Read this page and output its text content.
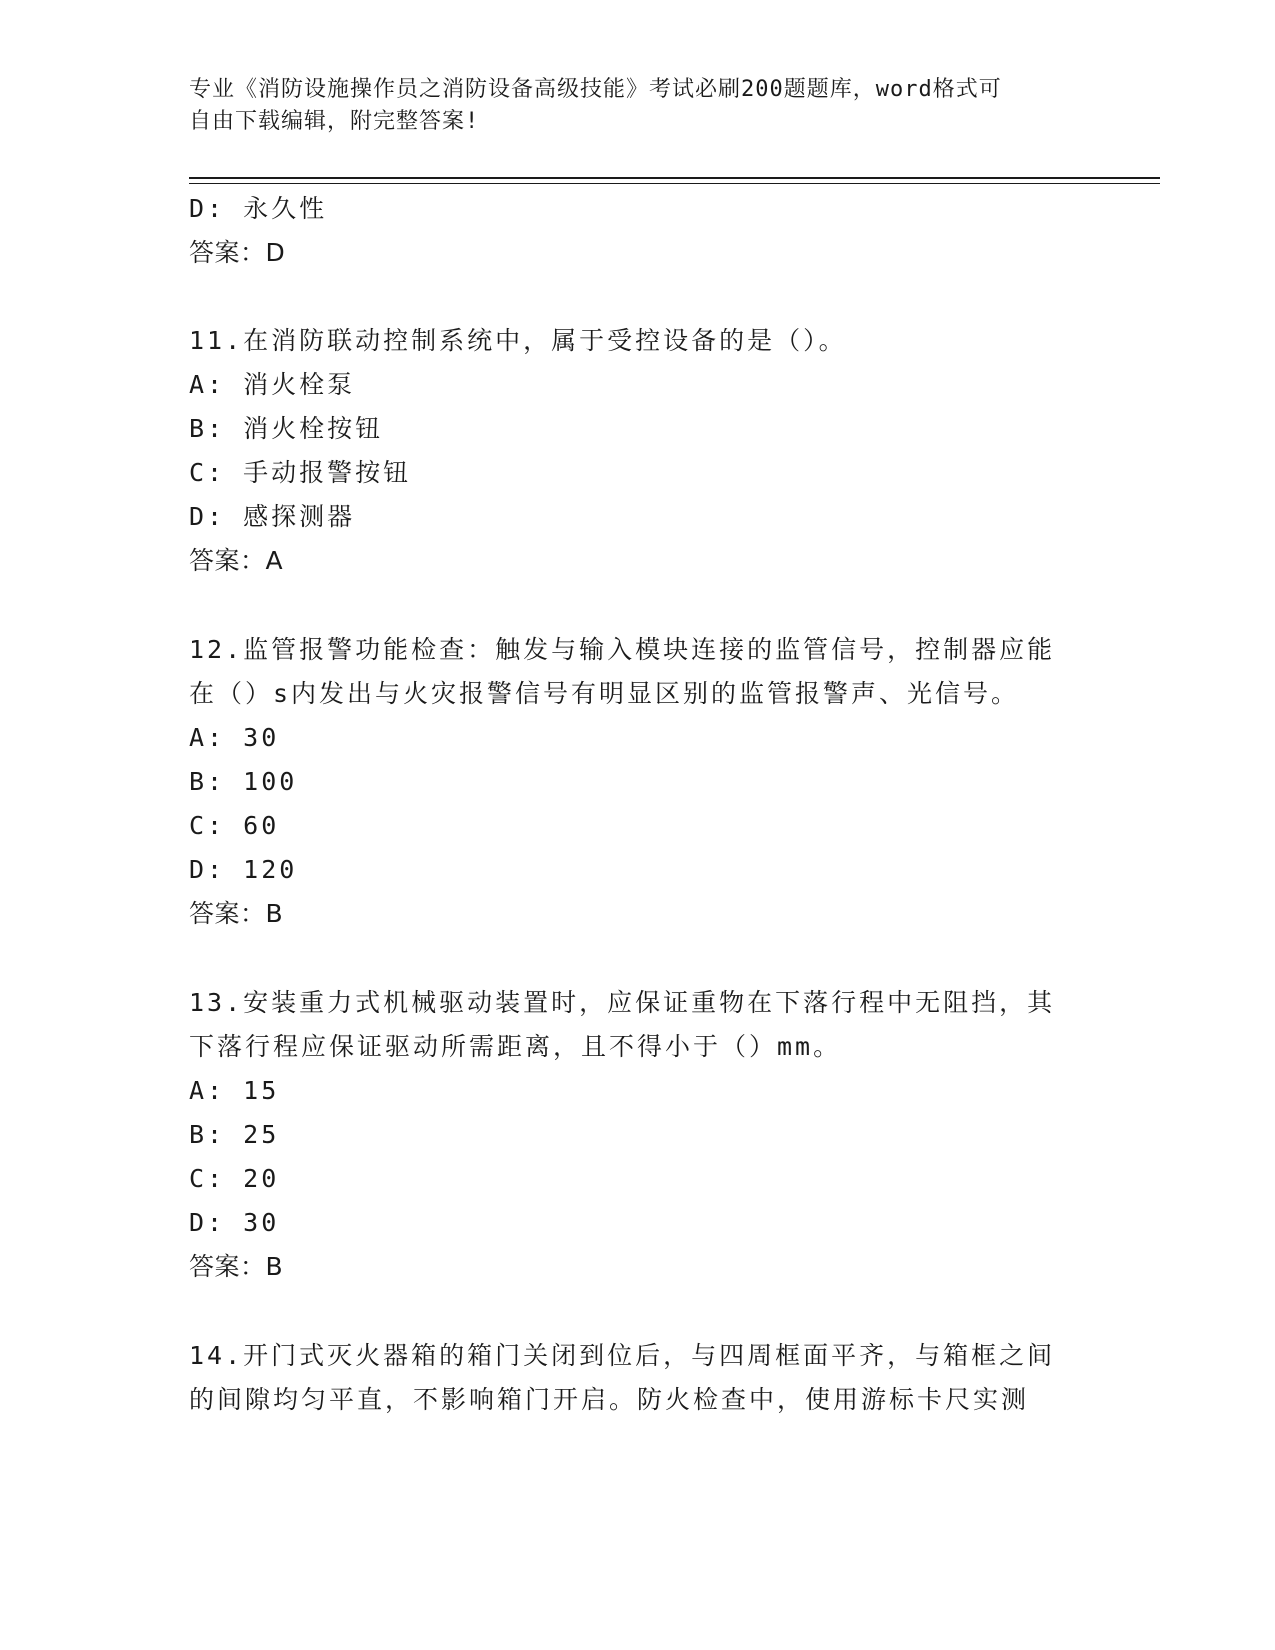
专业《消防设施操作员之消防设备高级技能》考试必刷200题题库，word格式可
自由下载编辑，附完整答案!
D: 永久性
答案：D
11.在消防联动控制系统中，属于受控设备的是（）。
A: 消火栓泵
B: 消火栓按钮
C: 手动报警按钮
D: 感探测器
答案：A
12.监管报警功能检查：触发与输入模块连接的监管信号，控制器应能
在（）s内发出与火灾报警信号有明显区别的监管报警声、光信号。
A: 30
B: 100
C: 60
D: 120
答案：B
13.安装重力式机械驱动装置时，应保证重物在下落行程中无阻挡，其
下落行程应保证驱动所需距离，且不得小于（）mm。
A: 15
B: 25
C: 20
D: 30
答案：B
14.开门式灭火器箱的箱门关闭到位后，与四周框面平齐，与箱框之间
的间隙均匀平直，不影响箱门开启。防火检查中，使用游标卡尺实测
